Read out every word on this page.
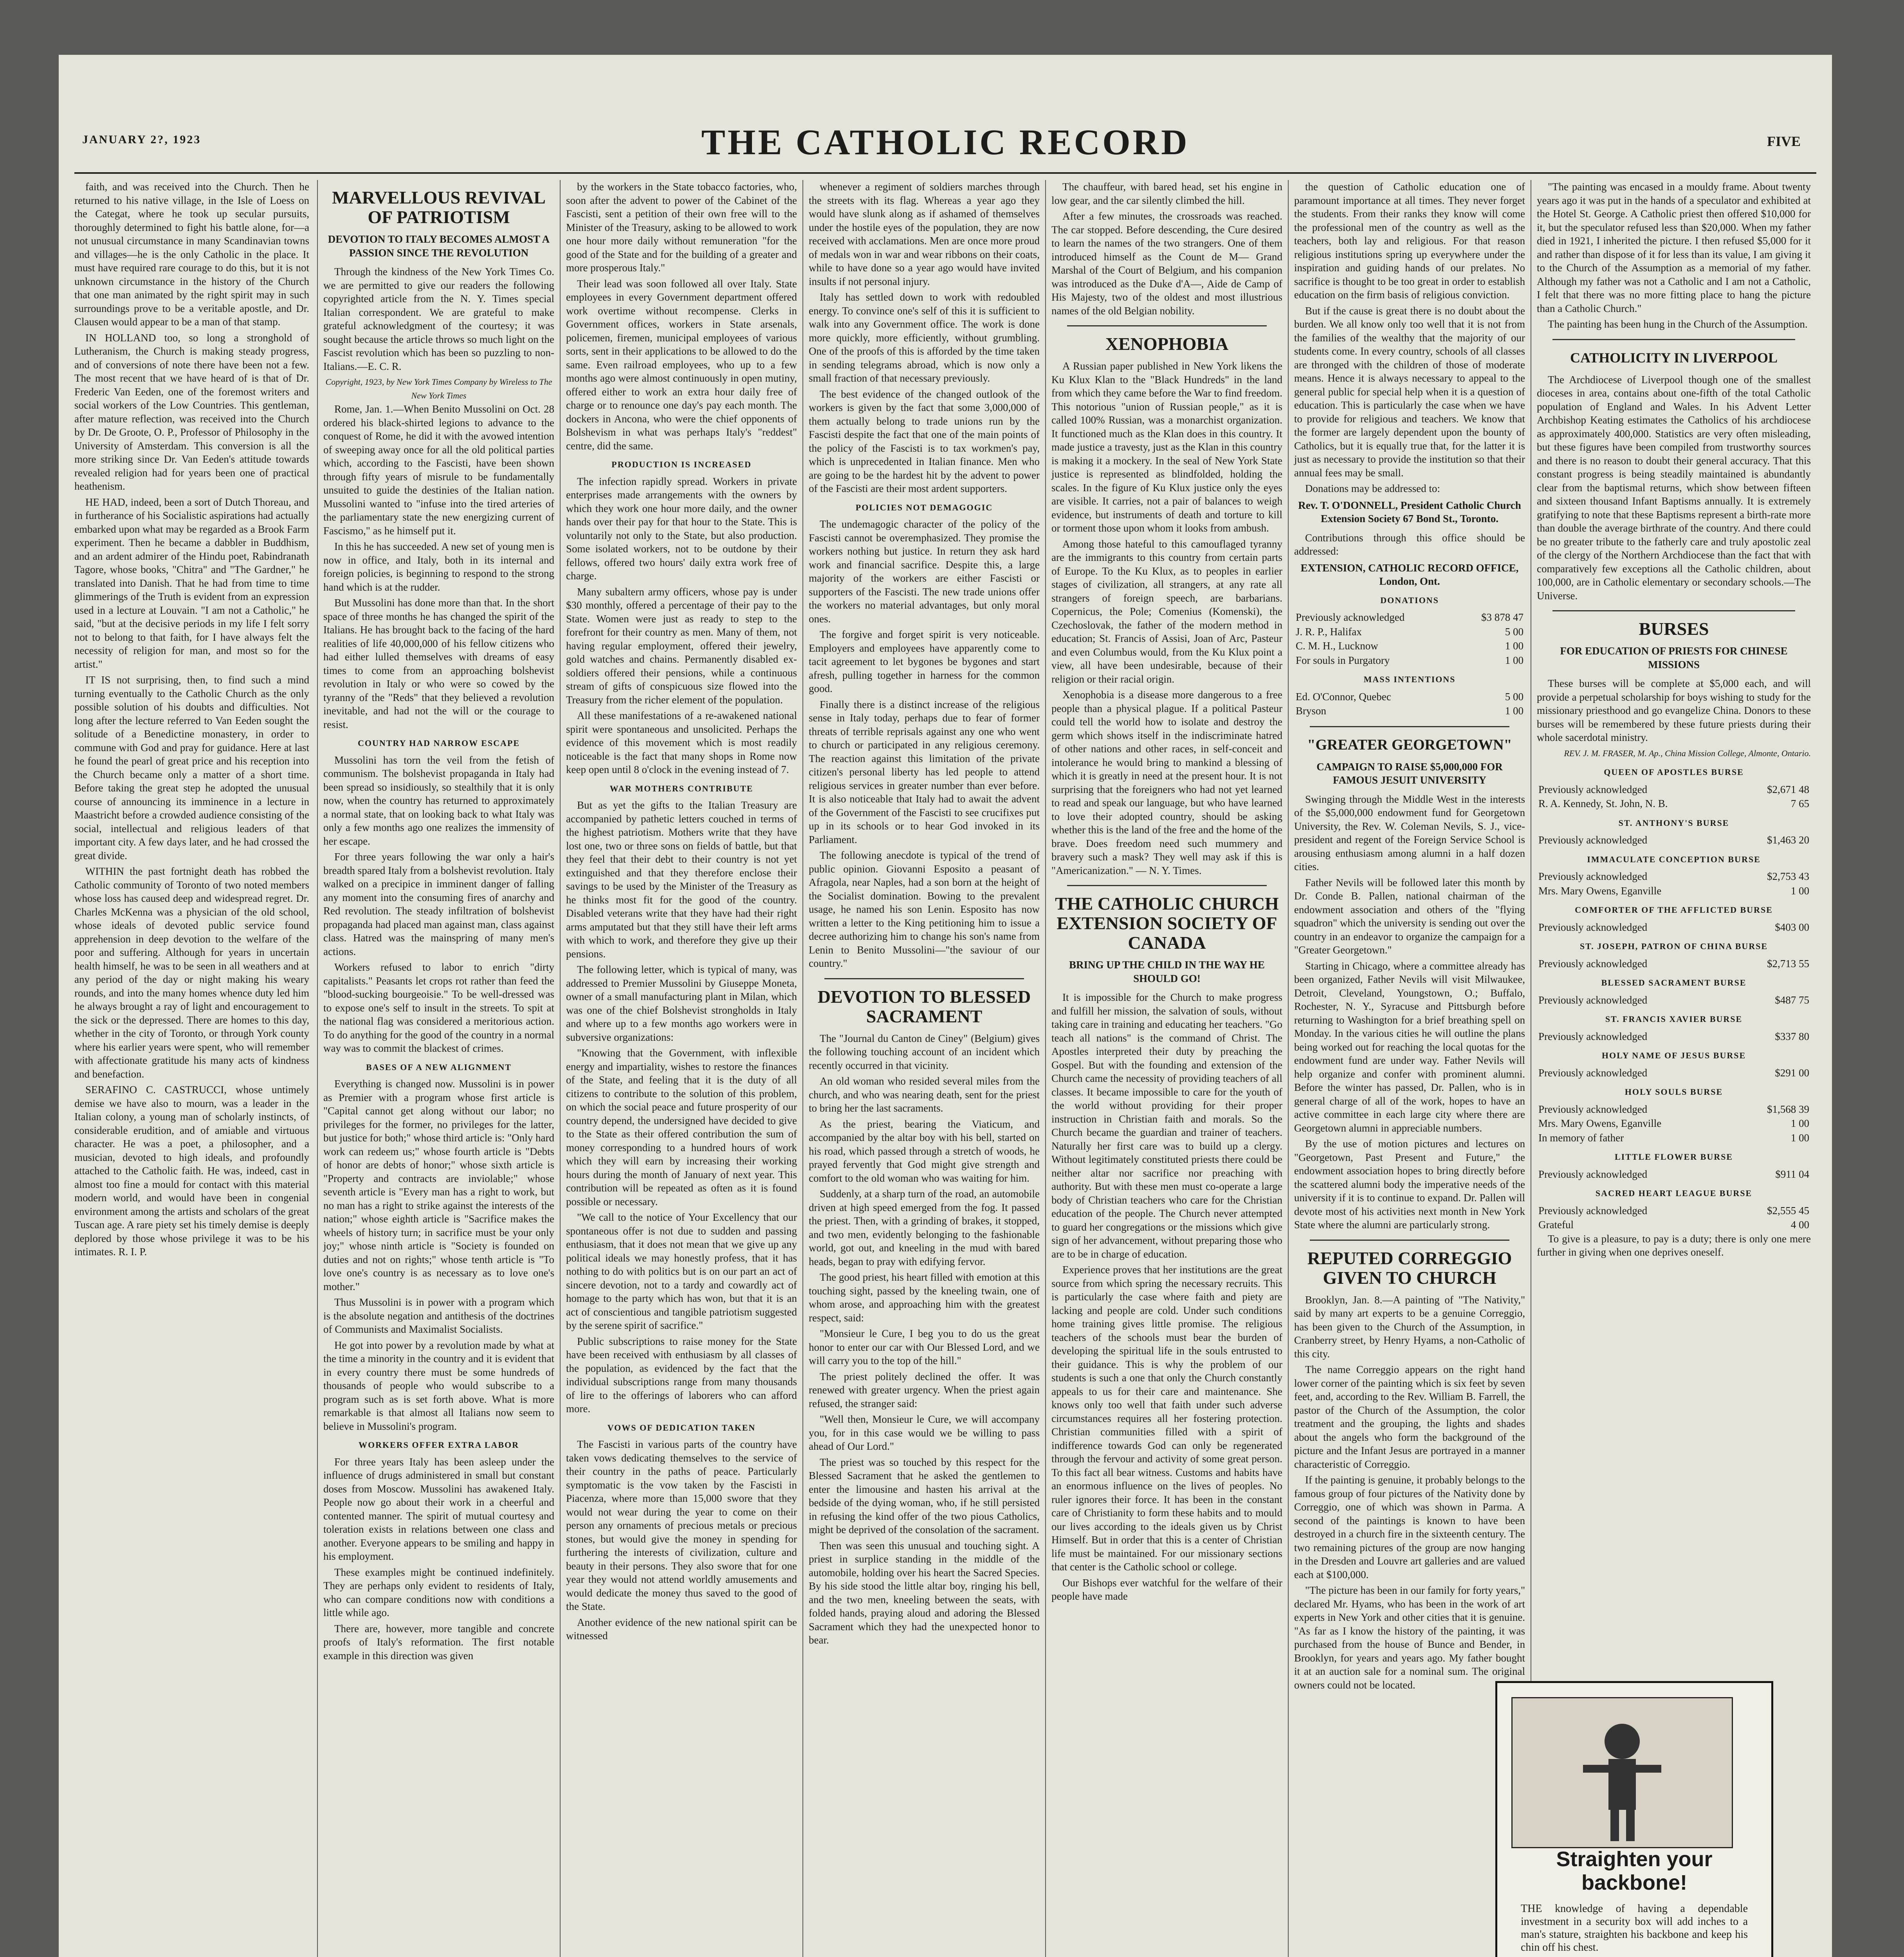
JANUARY 2?, 1923	THE CATHOLIC RECORD	FIVE

faith, and was received into the Church. Then he returned to his native village, in the Isle of Loess on the Categat, where he took up secular pursuits, thoroughly determined to fight his battle alone, for—a not unusual circumstance in many Scandinavian towns and villages—he is the only Catholic in the place. It must have required rare courage to do this, but it is not unknown circumstance in the history of the Church that one man animated by the right spirit may in such surroundings prove to be a veritable apostle, and Dr. Clausen would appear to be a man of that stamp.

IN HOLLAND too, so long a stronghold of Lutheranism, the Church is making steady progress, and of conversions of note there have been not a few. The most recent that we have heard of is that of Dr. Frederic Van Eeden, one of the foremost writers and social workers of the Low Countries. This gentleman, after mature reflection, was received into the Church by Dr. De Groote, O. P., Professor of Philosophy in the University of Amsterdam. This conversion is all the more striking since Dr. Van Eeden's attitude towards revealed religion had for years been one of practical heathenism.

HE HAD, indeed, been a sort of Dutch Thoreau, and in furtherance of his Socialistic aspirations had actually embarked upon what may be regarded as a Brook Farm experiment. Then he became a dabbler in Buddhism, and an ardent admirer of the Hindu poet, Rabindranath Tagore, whose books, "Chitra" and "The Gardner," he translated into Danish. That he had from time to time glimmerings of the Truth is evident from an expression used in a lecture at Louvain. "I am not a Catholic," he said, "but at the decisive periods in my life I felt sorry not to belong to that faith, for I have always felt the necessity of religion for man, and most so for the artist."

IT IS not surprising, then, to find such a mind turning eventually to the Catholic Church as the only possible solution of his doubts and difficulties. Not long after the lecture referred to Van Eeden sought the solitude of a Benedictine monastery, in order to commune with God and pray for guidance. Here at last he found the pearl of great price and his reception into the Church became only a matter of a short time. Before taking the great step he adopted the unusual course of announcing its imminence in a lecture in Maastricht before a crowded audience consisting of the social, intellectual and religious leaders of that important city. A few days later, and he had crossed the great divide.

WITHIN the past fortnight death has robbed the Catholic community of Toronto of two noted members whose loss has caused deep and widespread regret. Dr. Charles McKenna was a physician of the old school, whose ideals of devoted public service found apprehension in deep devotion to the welfare of the poor and suffering. Although for years in uncertain health himself, he was to be seen in all weathers and at any period of the day or night making his weary rounds, and into the many homes whence duty led him he always brought a ray of light and encouragement to the sick or the depressed. There are homes to this day, whether in the city of Toronto, or through York county where his earlier years were spent, who will remember with affectionate gratitude his many acts of kindness and benefaction.

SERAFINO C. CASTRUCCI, whose untimely demise we have also to mourn, was a leader in the Italian colony, a young man of scholarly instincts, of considerable erudition, and of amiable and virtuous character. He was a poet, a philosopher, and a musician, devoted to high ideals, and profoundly attached to the Catholic faith. He was, indeed, cast in almost too fine a mould for contact with this material modern world, and would have been in congenial environment among the artists and scholars of the great Tuscan age. A rare piety set his timely demise is deeply deplored by those whose privilege it was to be his intimates. R. I. P.

MARVELLOUS REVIVAL OF PATRIOTISM
DEVOTION TO ITALY BECOMES ALMOST A PASSION SINCE THE REVOLUTION

Through the kindness of the New York Times Co. we are permitted to give our readers the following copyrighted article from the N. Y. Times special Italian correspondent. We are grateful to make grateful acknowledgment of the courtesy; it was sought because the article throws so much light on the Fascist revolution which has been so puzzling to non-Italians.—E. C. R.

Copyright, 1923, by New York Times Company by Wireless to The New York Times

Rome, Jan. 1.—When Benito Mussolini on Oct. 28 ordered his black-shirted legions to advance to the conquest of Rome, he did it with the avowed intention of sweeping away once for all the old political parties which, according to the Fascisti, have been shown through fifty years of misrule to be fundamentally unsuited to guide the destinies of the Italian nation. Mussolini wanted to "infuse into the tired arteries of the parliamentary state the new energizing current of Fascismo," as he himself put it.

In this he has succeeded. A new set of young men is now in office, and Italy, both in its internal and foreign policies, is beginning to respond to the strong hand which is at the rudder.

But Mussolini has done more than that. In the short space of three months he has changed the spirit of the Italians. He has brought back to the facing of the hard realities of life 40,000,000 of his fellow citizens who had either lulled themselves with dreams of easy times to come from an approaching bolshevist revolution in Italy or who were so cowed by the tyranny of the "Reds" that they believed a revolution inevitable, and had not the will or the courage to resist.

COUNTRY HAD NARROW ESCAPE

Mussolini has torn the veil from the fetish of communism. The bolshevist propaganda in Italy had been spread so insidiously, so stealthily that it is only now, when the country has returned to approximately a normal state, that on looking back to what Italy was only a few months ago one realizes the immensity of her escape.

For three years following the war only a hair's breadth spared Italy from a bolshevist revolution. Italy walked on a precipice in imminent danger of falling any moment into the consuming fires of anarchy and Red revolution. The steady infiltration of bolshevist propaganda had placed man against man, class against class. Hatred was the mainspring of many men's actions.

Workers refused to labor to enrich "dirty capitalists." Peasants let crops rot rather than feed the "blood-sucking bourgeoisie." To be well-dressed was to expose one's self to insult in the streets. To spit at the national flag was considered a meritorious action. To do anything for the good of the country in a normal way was to commit the blackest of crimes.

BASES OF A NEW ALIGNMENT

Everything is changed now. Mussolini is in power as Premier with a program whose first article is "Capital cannot get along without our labor; no privileges for the former, no privileges for the latter, but justice for both;" whose third article is: "Only hard work can redeem us;" whose fourth article is "Debts of honor are debts of honor;" whose sixth article is "Property and contracts are inviolable;" whose seventh article is "Every man has a right to work, but no man has a right to strike against the interests of the nation;" whose eighth article is "Sacrifice makes the wheels of history turn; in sacrifice must be your only joy;" whose ninth article is "Society is founded on duties and not on rights;" whose tenth article is "To love one's country is as necessary as to love one's mother."

Thus Mussolini is in power with a program which is the absolute negation and antithesis of the doctrines of Communists and Maximalist Socialists.

He got into power by a revolution made by what at the time a minority in the country and it is evident that in every country there must be some hundreds of thousands of people who would subscribe to a program such as is set forth above. What is more remarkable is that almost all Italians now seem to believe in Mussolini's program.

WORKERS OFFER EXTRA LABOR

For three years Italy has been asleep under the influence of drugs administered in small but constant doses from Moscow. Mussolini has awakened Italy. People now go about their work in a cheerful and contented manner. The spirit of mutual courtesy and toleration exists in relations between one class and another. Everyone appears to be smiling and happy in his employment.

These examples might be continued indefinitely. They are perhaps only evident to residents of Italy, who can compare conditions now with conditions a little while ago.

There are, however, more tangible and concrete proofs of Italy's reformation. The first notable example in this direction was given

by the workers in the State tobacco factories, who, soon after the advent to power of the Cabinet of the Fascisti, sent a petition of their own free will to the Minister of the Treasury, asking to be allowed to work one hour more daily without remuneration "for the good of the State and for the building of a greater and more prosperous Italy."

Their lead was soon followed all over Italy. State employees in every Government department offered work overtime without recompense. Clerks in Government offices, workers in State arsenals, policemen, firemen, municipal employees of various sorts, sent in their applications to be allowed to do the same. Even railroad employees, who up to a few months ago were almost continuously in open mutiny, offered either to work an extra hour daily free of charge or to renounce one day's pay each month. The dockers in Ancona, who were the chief opponents of Bolshevism in what was perhaps Italy's "reddest" centre, did the same.

PRODUCTION IS INCREASED

The infection rapidly spread. Workers in private enterprises made arrangements with the owners by which they work one hour more daily, and the owner hands over their pay for that hour to the State. This is voluntarily not only to the State, but also production. Some isolated workers, not to be outdone by their fellows, offered two hours' daily extra work free of charge.

Many subaltern army officers, whose pay is under $30 monthly, offered a percentage of their pay to the State. Women were just as ready to step to the forefront for their country as men. Many of them, not having regular employment, offered their jewelry, gold watches and chains. Permanently disabled ex-soldiers offered their pensions, while a continuous stream of gifts of conspicuous size flowed into the Treasury from the richer element of the population.

All these manifestations of a re-awakened national spirit were spontaneous and unsolicited. Perhaps the evidence of this movement which is most readily noticeable is the fact that many shops in Rome now keep open until 8 o'clock in the evening instead of 7.

WAR MOTHERS CONTRIBUTE

But as yet the gifts to the Italian Treasury are accompanied by pathetic letters couched in terms of the highest patriotism. Mothers write that they have lost one, two or three sons on fields of battle, but that they feel that their debt to their country is not yet extinguished and that they therefore enclose their savings to be used by the Minister of the Treasury as he thinks most fit for the good of the country. Disabled veterans write that they have had their right arms amputated but that they still have their left arms with which to work, and therefore they give up their pensions.

The following letter, which is typical of many, was addressed to Premier Mussolini by Giuseppe Moneta, owner of a small manufacturing plant in Milan, which was one of the chief Bolshevist strongholds in Italy and where up to a few months ago workers were in subversive organizations:

"Knowing that the Government, with inflexible energy and impartiality, wishes to restore the finances of the State, and feeling that it is the duty of all citizens to contribute to the solution of this problem, on which the social peace and future prosperity of our country depend, the undersigned have decided to give to the State as their offered contribution the sum of money corresponding to a hundred hours of work which they will earn by increasing their working hours during the month of January of next year. This contribution will be repeated as often as it is found possible or necessary.

"We call to the notice of Your Excellency that our spontaneous offer is not due to sudden and passing enthusiasm, that it does not mean that we give up any political ideals we may honestly profess, that it has nothing to do with politics but is on our part an act of sincere devotion, not to a tardy and cowardly act of homage to the party which has won, but that it is an act of conscientious and tangible patriotism suggested by the serene spirit of sacrifice."

Public subscriptions to raise money for the State have been received with enthusiasm by all classes of the population, as evidenced by the fact that the individual subscriptions range from many thousands of lire to the offerings of laborers who can afford more.

VOWS OF DEDICATION TAKEN

The Fascisti in various parts of the country have taken vows dedicating themselves to the service of their country in the paths of peace. Particularly symptomatic is the vow taken by the Fascisti in Piacenza, where more than 15,000 swore that they would not wear during the year to come on their person any ornaments of precious metals or precious stones, but would give the money in spending for furthering the interests of civilization, culture and beauty in their persons. They also swore that for one year they would not attend worldly amusements and would dedicate the money thus saved to the good of the State.

Another evidence of the new national spirit can be witnessed

whenever a regiment of soldiers marches through the streets with its flag. Whereas a year ago they would have slunk along as if ashamed of themselves under the hostile eyes of the population, they are now received with acclamations. Men are once more proud of medals won in war and wear ribbons on their coats, while to have done so a year ago would have invited insults if not personal injury.

Italy has settled down to work with redoubled energy. To convince one's self of this it is sufficient to walk into any Government office. The work is done more quickly, more efficiently, without grumbling. One of the proofs of this is afforded by the time taken in sending telegrams abroad, which is now only a small fraction of that necessary previously.

The best evidence of the changed outlook of the workers is given by the fact that some 3,000,000 of them actually belong to trade unions run by the Fascisti despite the fact that one of the main points of the policy of the Fascisti is to tax workmen's pay, which is unprecedented in Italian finance. Men who are going to be the hardest hit by the advent to power of the Fascisti are their most ardent supporters.

POLICIES NOT DEMAGOGIC

The undemagogic character of the policy of the Fascisti cannot be overemphasized. They promise the workers nothing but justice. In return they ask hard work and financial sacrifice. Despite this, a large majority of the workers are either Fascisti or supporters of the Fascisti. The new trade unions offer the workers no material advantages, but only moral ones.

The forgive and forget spirit is very noticeable. Employers and employees have apparently come to tacit agreement to let bygones be bygones and start afresh, pulling together in harness for the common good.

Finally there is a distinct increase of the religious sense in Italy today, perhaps due to fear of former threats of terrible reprisals against any one who went to church or participated in any religious ceremony. The reaction against this limitation of the private citizen's personal liberty has led people to attend religious services in greater number than ever before. It is also noticeable that Italy had to await the advent of the Government of the Fascisti to see crucifixes put up in its schools or to hear God invoked in its Parliament.

The following anecdote is typical of the trend of public opinion. Giovanni Esposito a peasant of Afragola, near Naples, had a son born at the height of the Socialist domination. Bowing to the prevalent usage, he named his son Lenin. Esposito has now written a letter to the King petitioning him to issue a decree authorizing him to change his son's name from Lenin to Benito Mussolini—"the saviour of our country."

DEVOTION TO BLESSED SACRAMENT

The "Journal du Canton de Ciney" (Belgium) gives the following touching account of an incident which recently occurred in that vicinity.

An old woman who resided several miles from the church, and who was nearing death, sent for the priest to bring her the last sacraments.

As the priest, bearing the Viaticum, and accompanied by the altar boy with his bell, started on his road, which passed through a stretch of woods, he prayed fervently that God might give strength and comfort to the old woman who was waiting for him.

Suddenly, at a sharp turn of the road, an automobile driven at high speed emerged from the fog. It passed the priest. Then, with a grinding of brakes, it stopped, and two men, evidently belonging to the fashionable world, got out, and kneeling in the mud with bared heads, began to pray with edifying fervor.

The good priest, his heart filled with emotion at this touching sight, passed by the kneeling twain, one of whom arose, and approaching him with the greatest respect, said:

"Monsieur le Cure, I beg you to do us the great honor to enter our car with Our Blessed Lord, and we will carry you to the top of the hill."

The priest politely declined the offer. It was renewed with greater urgency. When the priest again refused, the stranger said:

"Well then, Monsieur le Cure, we will accompany you, for in this case would we be willing to pass ahead of Our Lord."

The priest was so touched by this respect for the Blessed Sacrament that he asked the gentlemen to enter the limousine and hasten his arrival at the bedside of the dying woman, who, if he still persisted in refusing the kind offer of the two pious Catholics, might be deprived of the consolation of the sacrament.

Then was seen this unusual and touching sight. A priest in surplice standing in the middle of the automobile, holding over his heart the Sacred Species. By his side stood the little altar boy, ringing his bell, and the two men, kneeling between the seats, with folded hands, praying aloud and adoring the Blessed Sacrament which they had the unexpected honor to bear.

The chauffeur, with bared head, set his engine in low gear, and the car silently climbed the hill.

After a few minutes, the crossroads was reached. The car stopped. Before descending, the Cure desired to learn the names of the two strangers. One of them introduced himself as the Count de M— Grand Marshal of the Court of Belgium, and his companion was introduced as the Duke d'A—, Aide de Camp of His Majesty, two of the oldest and most illustrious names of the old Belgian nobility.

XENOPHOBIA

A Russian paper published in New York likens the Ku Klux Klan to the "Black Hundreds" in the land from which they came before the War to find freedom. This notorious "union of Russian people," as it is called 100% Russian, was a monarchist organization. It functioned much as the Klan does in this country. It made justice a travesty, just as the Klan in this country is making it a mockery. In the seal of New York State justice is represented as blindfolded, holding the scales. In the figure of Ku Klux justice only the eyes are visible. It carries, not a pair of balances to weigh evidence, but instruments of death and torture to kill or torment those upon whom it looks from ambush.

Among those hateful to this camouflaged tyranny are the immigrants to this country from certain parts of Europe. To the Ku Klux, as to peoples in earlier stages of civilization, all strangers, at any rate all strangers of foreign speech, are barbarians. Copernicus, the Pole; Comenius (Komenski), the Czechoslovak, the father of the modern method in education; St. Francis of Assisi, Joan of Arc, Pasteur and even Columbus would, from the Ku Klux point a view, all have been undesirable, because of their religion or their racial origin.

Xenophobia is a disease more dangerous to a free people than a physical plague. If a political Pasteur could tell the world how to isolate and destroy the germ which shows itself in the indiscriminate hatred of other nations and other races, in self-conceit and intolerance he would bring to mankind a blessing of which it is greatly in need at the present hour. It is not surprising that the foreigners who had not yet learned to read and speak our language, but who have learned to love their adopted country, should be asking whether this is the land of the free and the home of the brave. Does freedom need such mummery and bravery such a mask? They well may ask if this is "Americanization." — N. Y. Times.

THE CATHOLIC CHURCH EXTENSION SOCIETY OF CANADA
BRING UP THE CHILD IN THE WAY HE SHOULD GO!

It is impossible for the Church to make progress and fulfill her mission, the salvation of souls, without taking care in training and educating her teachers. "Go teach all nations" is the command of Christ. The Apostles interpreted their duty by preaching the Gospel. But with the founding and extension of the Church came the necessity of providing teachers of all classes. It became impossible to care for the youth of the world without providing for their proper instruction in Christian faith and morals. So the Church became the guardian and trainer of teachers. Naturally her first care was to build up a clergy. Without legitimately constituted priests there could be neither altar nor sacrifice nor preaching with authority. But with these men must co-operate a large body of Christian teachers who care for the Christian education of the people. The Church never attempted to guard her congregations or the missions which give sign of her advancement, without preparing those who are to be in charge of education.

Experience proves that her institutions are the great source from which spring the necessary recruits. This is particularly the case where faith and piety are lacking and people are cold. Under such conditions home training gives little promise. The religious teachers of the schools must bear the burden of developing the spiritual life in the souls entrusted to their guidance. This is why the problem of our students is such a one that only the Church constantly appeals to us for their care and maintenance. She knows only too well that faith under such adverse circumstances requires all her fostering protection. Christian communities filled with a spirit of indifference towards God can only be regenerated through the fervour and activity of some great person. To this fact all bear witness. Customs and habits have an enormous influence on the lives of peoples. No ruler ignores their force. It has been in the constant care of Christianity to form these habits and to mould our lives according to the ideals given us by Christ Himself. But in order that this is a center of Christian life must be maintained. For our missionary sections that center is the Catholic school or college.

Our Bishops ever watchful for the welfare of their people have made

the question of Catholic education one of paramount importance at all times. They never forget the students. From their ranks they know will come the professional men of the country as well as the teachers, both lay and religious. For that reason religious institutions spring up everywhere under the inspiration and guiding hands of our prelates. No sacrifice is thought to be too great in order to establish education on the firm basis of religious conviction.

But if the cause is great there is no doubt about the burden. We all know only too well that it is not from the families of the wealthy that the majority of our students come. In every country, schools of all classes are thronged with the children of those of moderate means. Hence it is always necessary to appeal to the general public for special help when it is a question of education. This is particularly the case when we have to provide for religious and teachers. We know that the former are largely dependent upon the bounty of Catholics, but it is equally true that, for the latter it is just as necessary to provide the institution so that their annual fees may be small.

Donations may be addressed to:

Rev. T. O'DONNELL, President Catholic Church Extension Society 67 Bond St., Toronto.

Contributions through this office should be addressed:

EXTENSION, CATHOLIC RECORD OFFICE, London, Ont.
DONATIONS
Previously acknowledged	$3 878 47
J. R. P., Halifax	5 00
C. M. H., Lucknow	1 00
For souls in Purgatory	1 00
MASS INTENTIONS
Ed. O'Connor, Quebec	5 00
Bryson	1 00
"GREATER GEORGETOWN"
CAMPAIGN TO RAISE $5,000,000 FOR FAMOUS JESUIT UNIVERSITY

Swinging through the Middle West in the interests of the $5,000,000 endowment fund for Georgetown University, the Rev. W. Coleman Nevils, S. J., vice-president and regent of the Foreign Service School is arousing enthusiasm among alumni in a half dozen cities.

Father Nevils will be followed later this month by Dr. Conde B. Pallen, national chairman of the endowment association and others of the "flying squadron" which the university is sending out over the country in an endeavor to organize the campaign for a "Greater Georgetown."

Starting in Chicago, where a committee already has been organized, Father Nevils will visit Milwaukee, Detroit, Cleveland, Youngstown, O.; Buffalo, Rochester, N. Y., Syracuse and Pittsburgh before returning to Washington for a brief breathing spell on Monday. In the various cities he will outline the plans being worked out for reaching the local quotas for the endowment fund are under way. Father Nevils will help organize and confer with prominent alumni. Before the winter has passed, Dr. Pallen, who is in general charge of all of the work, hopes to have an active committee in each large city where there are Georgetown alumni in appreciable numbers.

By the use of motion pictures and lectures on "Georgetown, Past Present and Future," the endowment association hopes to bring directly before the scattered alumni body the imperative needs of the university if it is to continue to expand. Dr. Pallen will devote most of his activities next month in New York State where the alumni are particularly strong.

REPUTED CORREGGIO GIVEN TO CHURCH

Brooklyn, Jan. 8.—A painting of "The Nativity," said by many art experts to be a genuine Correggio, has been given to the Church of the Assumption, in Cranberry street, by Henry Hyams, a non-Catholic of this city.

The name Correggio appears on the right hand lower corner of the painting which is six feet by seven feet, and, according to the Rev. William B. Farrell, the pastor of the Church of the Assumption, the color treatment and the grouping, the lights and shades about the angels who form the background of the picture and the Infant Jesus are portrayed in a manner characteristic of Correggio.

If the painting is genuine, it probably belongs to the famous group of four pictures of the Nativity done by Correggio, one of which was shown in Parma. A second of the paintings is known to have been destroyed in a church fire in the sixteenth century. The two remaining pictures of the group are now hanging in the Dresden and Louvre art galleries and are valued each at $100,000.

"The picture has been in our family for forty years," declared Mr. Hyams, who has been in the work of art experts in New York and other cities that it is genuine. "As far as I know the history of the painting, it was purchased from the house of Bunce and Bender, in Brooklyn, for years and years ago. My father bought it at an auction sale for a nominal sum. The original owners could not be located.

"The painting was encased in a mouldy frame. About twenty years ago it was put in the hands of a speculator and exhibited at the Hotel St. George. A Catholic priest then offered $10,000 for it, but the speculator refused less than $20,000. When my father died in 1921, I inherited the picture. I then refused $5,000 for it and rather than dispose of it for less than its value, I am giving it to the Church of the Assumption as a memorial of my father. Although my father was not a Catholic and I am not a Catholic, I felt that there was no more fitting place to hang the picture than a Catholic Church."

The painting has been hung in the Church of the Assumption.

CATHOLICITY IN LIVERPOOL

The Archdiocese of Liverpool though one of the smallest dioceses in area, contains about one-fifth of the total Catholic population of England and Wales. In his Advent Letter Archbishop Keating estimates the Catholics of his archdiocese as approximately 400,000. Statistics are very often misleading, but these figures have been compiled from trustworthy sources and there is no reason to doubt their general accuracy. That this constant progress is being steadily maintained is abundantly clear from the baptismal returns, which show between fifteen and sixteen thousand Infant Baptisms annually. It is extremely gratifying to note that these Baptisms represent a birth-rate more than double the average birthrate of the country. And there could be no greater tribute to the fatherly care and truly apostolic zeal of the clergy of the Northern Archdiocese than the fact that with comparatively few exceptions all the Catholic children, about 100,000, are in Catholic elementary or secondary schools.—The Universe.

BURSES
FOR EDUCATION OF PRIESTS FOR CHINESE MISSIONS

These burses will be complete at $5,000 each, and will provide a perpetual scholarship for boys wishing to study for the missionary priesthood and go evangelize China. Donors to these burses will be remembered by these future priests during their whole sacerdotal ministry.

REV. J. M. FRASER, M. Ap., China Mission College, Almonte, Ontario.
QUEEN OF APOSTLES BURSE
Previously acknowledged	$2,671 48
R. A. Kennedy, St. John, N. B.	7 65
ST. ANTHONY'S BURSE
Previously acknowledged	$1,463 20
IMMACULATE CONCEPTION BURSE
Previously acknowledged	$2,753 43
Mrs. Mary Owens, Eganville	1 00
COMFORTER OF THE AFFLICTED BURSE
Previously acknowledged	$403 00
ST. JOSEPH, PATRON OF CHINA BURSE
Previously acknowledged	$2,713 55
BLESSED SACRAMENT BURSE
Previously acknowledged	$487 75
ST. FRANCIS XAVIER BURSE
Previously acknowledged	$337 80
HOLY NAME OF JESUS BURSE
Previously acknowledged	$291 00
HOLY SOULS BURSE
Previously acknowledged	$1,568 39
Mrs. Mary Owens, Eganville	1 00
In memory of father	1 00
LITTLE FLOWER BURSE
Previously acknowledged	$911 04
SACRED HEART LEAGUE BURSE
Previously acknowledged	$2,555 45
Grateful	4 00

To give is a pleasure, to pay is a duty; there is only one mere further in giving when one deprives oneself.

Straighten your backbone!
THE knowledge of having a dependable investment in a security box will add inches to a man's stature, straighten his backbone and keep his chin off his chest.
